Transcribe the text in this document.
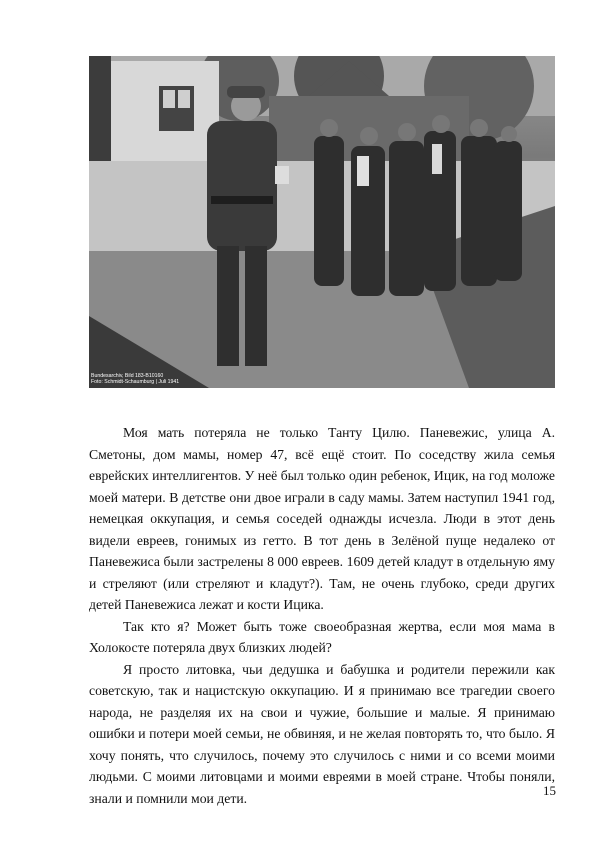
Bundesarchiv, Bild 183-B10160
Foto: Schmidt-Schaumburg | Juli 1941

Моя мать потеряла не только Танту Цилю. Паневежис, улица А. Сметоны, дом мамы, номер 47, всё ещё стоит. По соседству жила семья еврейских интеллигентов. У неё был только один ребенок, Ицик, на год моложе моей матери. В детстве они двое играли в саду мамы. Затем наступил 1941 год, немецкая оккупация, и семья соседей однажды исчезла. Люди в этот день видели евреев, гонимых из гетто. В тот день в Зелёной пуще недалеко от Паневежиса были застрелены 8 000 евреев. 1609 детей кладут в отдельную яму и стреляют (или стреляют и кладут?). Там, не очень глубоко, среди других детей Паневежиса лежат и кости Ицика.

Так кто я? Может быть тоже своеобразная жертва, если моя мама в Холокосте потеряла двух близких людей?

Я просто литовка, чьи дедушка и бабушка и родители пережили как советскую, так и нацистскую оккупацию. И я принимаю все трагедии своего народа, не разделяя их на свои и чужие, большие и малые. Я принимаю ошибки и потери моей семьи, не обвиняя, и не желая повторять то, что было. Я хочу понять, что случилось, почему это случилось с ними и со всеми моими людьми. С моими литовцами и моими евреями в моей стране. Чтобы поняли, знали и помнили мои дети.	15
